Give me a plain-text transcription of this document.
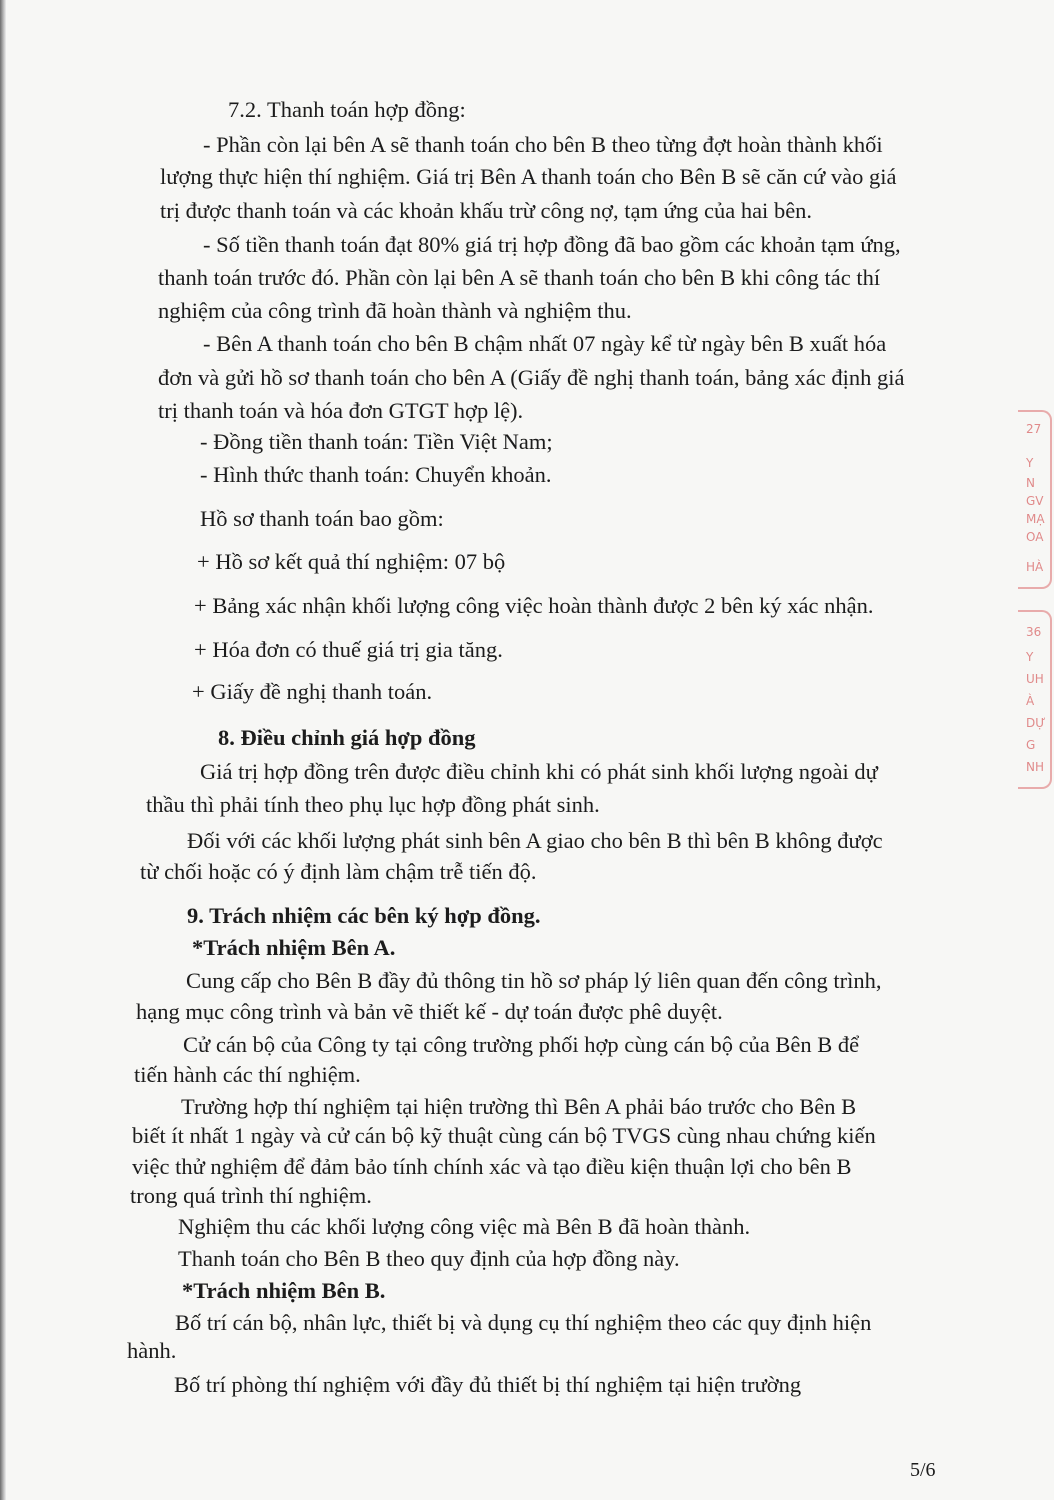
7.2. Thanh toán hợp đồng:
- Phần còn lại bên A sẽ thanh toán cho bên B theo từng đợt hoàn thành khối
lượng thực hiện thí nghiệm. Giá trị Bên A thanh toán cho Bên B sẽ căn cứ vào giá
trị được thanh toán và các khoản khấu trừ công nợ, tạm ứng của hai bên.
- Số tiền thanh toán đạt 80% giá trị hợp đồng đã bao gồm các khoản tạm ứng,
thanh toán trước đó. Phần còn lại bên A sẽ thanh toán cho bên B khi công tác thí
nghiệm của công trình đã hoàn thành và nghiệm thu.
- Bên A thanh toán cho bên B chậm nhất 07 ngày kể từ ngày bên B xuất hóa
đơn và gửi hồ sơ thanh toán cho bên A (Giấy đề nghị thanh toán, bảng xác định giá
trị thanh toán và hóa đơn GTGT hợp lệ).
- Đồng tiền thanh toán: Tiền Việt Nam;
- Hình thức thanh toán: Chuyển khoản.
Hồ sơ thanh toán bao gồm:
+ Hồ sơ kết quả thí nghiệm: 07 bộ
+ Bảng xác nhận khối lượng công việc hoàn thành được 2 bên ký xác nhận.
+ Hóa đơn có thuế giá trị gia tăng.
+ Giấy đề nghị thanh toán.
8. Điều chỉnh giá hợp đồng
Giá trị hợp đồng trên được điều chỉnh khi có phát sinh khối lượng ngoài dự
thầu thì phải tính theo phụ lục hợp đồng phát sinh.
Đối với các khối lượng phát sinh bên A giao cho bên B thì bên B không được
từ chối hoặc có ý định làm chậm trễ tiến độ.
9. Trách nhiệm các bên ký hợp đồng.
*Trách nhiệm Bên A.
Cung cấp cho Bên B đầy đủ thông tin hồ sơ pháp lý liên quan đến công trình,
hạng mục công trình và bản vẽ thiết kế - dự toán được phê duyệt.
Cử cán bộ của Công ty tại công trường phối hợp cùng cán bộ của Bên B để
tiến hành các thí nghiệm.
Trường hợp thí nghiệm tại hiện trường thì Bên A phải báo trước cho Bên B
biết ít nhất 1 ngày và cử cán bộ kỹ thuật cùng cán bộ TVGS cùng nhau chứng kiến
việc thử nghiệm để đảm bảo tính chính xác và tạo điều kiện thuận lợi cho bên B
trong quá trình thí nghiệm.
Nghiệm thu các khối lượng công việc mà Bên B đã hoàn thành.
Thanh toán cho Bên B theo quy định của hợp đồng này.
*Trách nhiệm Bên B.
Bố trí cán bộ, nhân lực, thiết bị và dụng cụ thí nghiệm theo các quy định hiện
hành.
Bố trí phòng thí nghiệm với đầy đủ thiết bị thí nghiệm tại hiện trường
27
Y
N
GV
MẠ
OA
HÀ
36
Y
UH
À
DỰ
G
NH
5/6
